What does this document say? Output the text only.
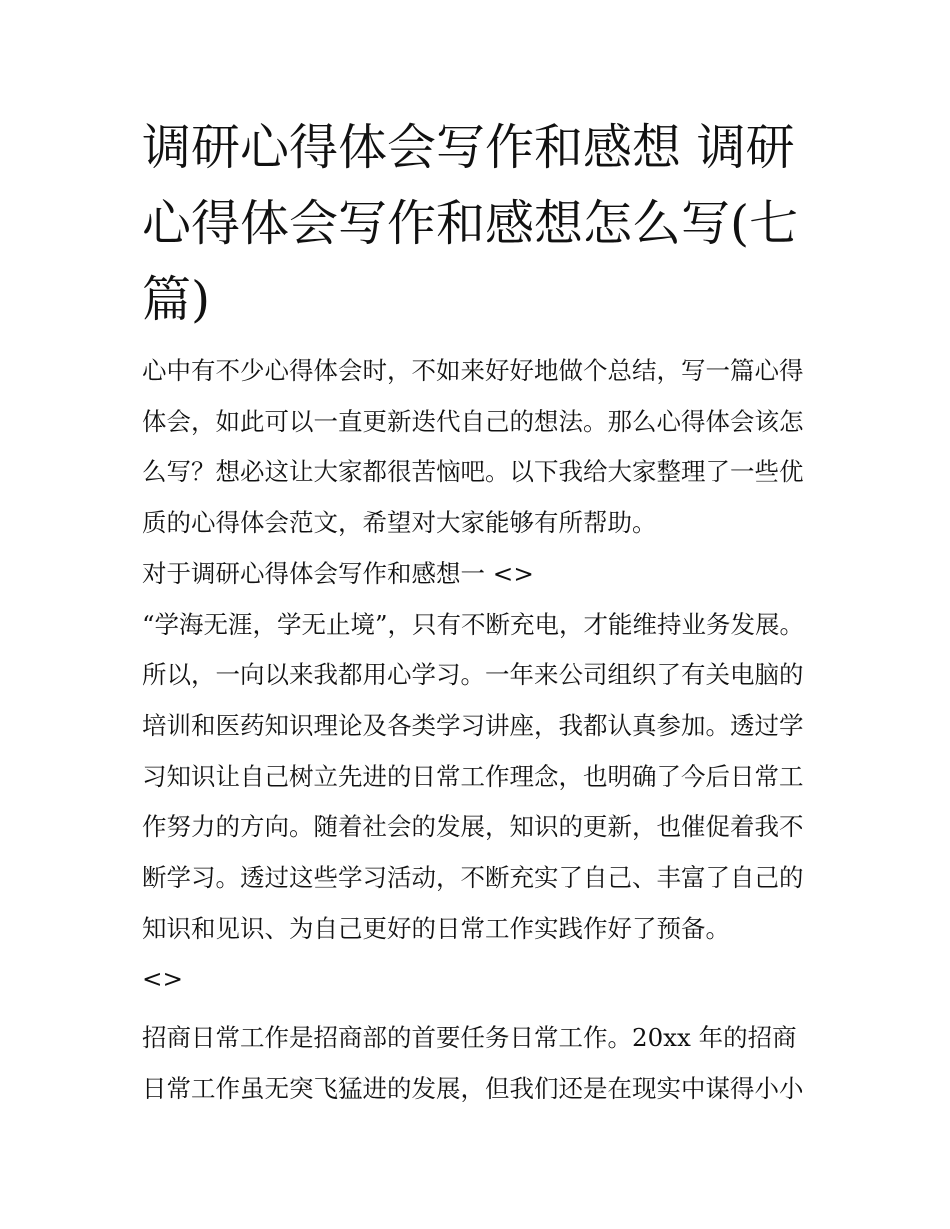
调研心得体会写作和感想 调研心得体会写作和感想怎么写(七篇)

心中有不少心得体会时，不如来好好地做个总结，写一篇心得体会，如此可以一直更新迭代自己的想法。那么心得体会该怎么写？想必这让大家都很苦恼吧。以下我给大家整理了一些优质的心得体会范文，希望对大家能够有所帮助。

对于调研心得体会写作和感想一 <>

“学海无涯，学无止境”，只有不断充电，才能维持业务发展。所以，一向以来我都用心学习。一年来公司组织了有关电脑的培训和医药知识理论及各类学习讲座，我都认真参加。透过学习知识让自己树立先进的日常工作理念，也明确了今后日常工作努力的方向。随着社会的发展，知识的更新，也催促着我不断学习。透过这些学习活动，不断充实了自己、丰富了自己的知识和见识、为自己更好的日常工作实践作好了预备。

<>

招商日常工作是招商部的首要任务日常工作。20xx 年的招商日常工作虽无突飞猛进的发展，但我们还是在现实中谋得小小
